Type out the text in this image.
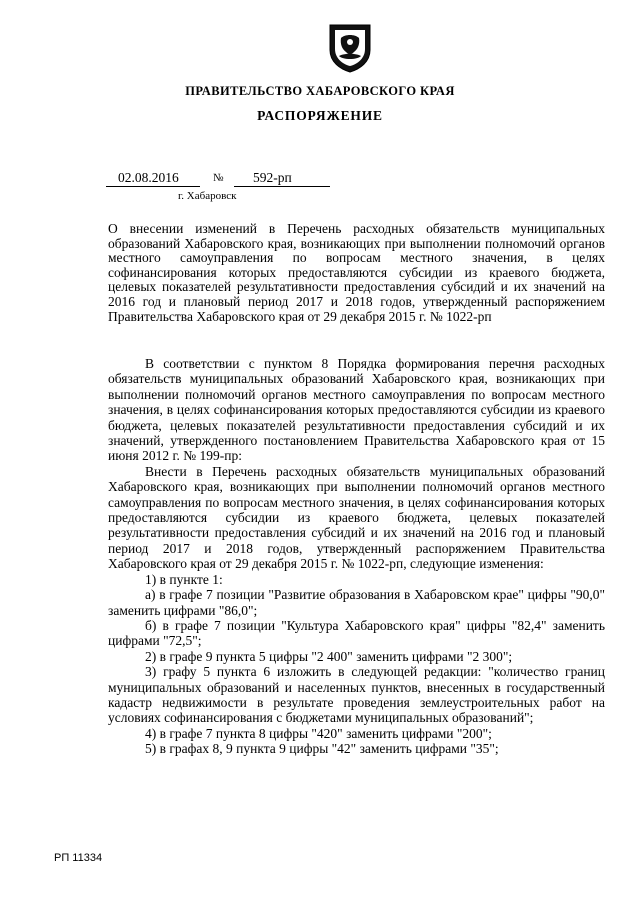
ПРАВИТЕЛЬСТВО ХАБАРОВСКОГО КРАЯ
РАСПОРЯЖЕНИЕ
02.08.2016	№ 592-рп
г. Хабаровск
О внесении изменений в Перечень расходных обязательств муниципальных образований Хабаровского края, возникающих при выполнении полномочий органов местного самоуправления по вопросам местного значения, в целях софинансирования которых предоставляются субсидии из краевого бюджета, целевых показателей результативности предоставления субсидий и их значений на 2016 год и плановый период 2017 и 2018 годов, утвержденный распоряжением Правительства Хабаровского края от 29 декабря 2015 г. № 1022-рп

В соответствии с пунктом 8 Порядка формирования перечня расходных обязательств муниципальных образований Хабаровского края, возникающих при выполнении полномочий органов местного самоуправления по вопросам местного значения, в целях софинансирования которых предоставляются субсидии из краевого бюджета, целевых показателей результативности предоставления субсидий и их значений, утвержденного постановлением Правительства Хабаровского края от 15 июня 2012 г. № 199-пр:

Внести в Перечень расходных обязательств муниципальных образований Хабаровского края, возникающих при выполнении полномочий органов местного самоуправления по вопросам местного значения, в целях софинансирования которых предоставляются субсидии из краевого бюджета, целевых показателей результативности предоставления субсидий и их значений на 2016 год и плановый период 2017 и 2018 годов, утвержденный распоряжением Правительства Хабаровского края от 29 декабря 2015 г. № 1022-рп, следующие изменения:

1) в пункте 1:

а) в графе 7 позиции "Развитие образования в Хабаровском крае" цифры "90,0" заменить цифрами "86,0";

б) в графе 7 позиции "Культура Хабаровского края" цифры "82,4" заменить цифрами "72,5";

2) в графе 9 пункта 5 цифры "2 400" заменить цифрами "2 300";

3) графу 5 пункта 6 изложить в следующей редакции: "количество границ муниципальных образований и населенных пунктов, внесенных в государственный кадастр недвижимости в результате проведения землеустроительных работ на условиях софинансирования с бюджетами муниципальных образований";

4) в графе 7 пункта 8 цифры "420" заменить цифрами "200";

5) в графах 8, 9 пункта 9 цифры "42" заменить цифрами "35";

РП 11334
